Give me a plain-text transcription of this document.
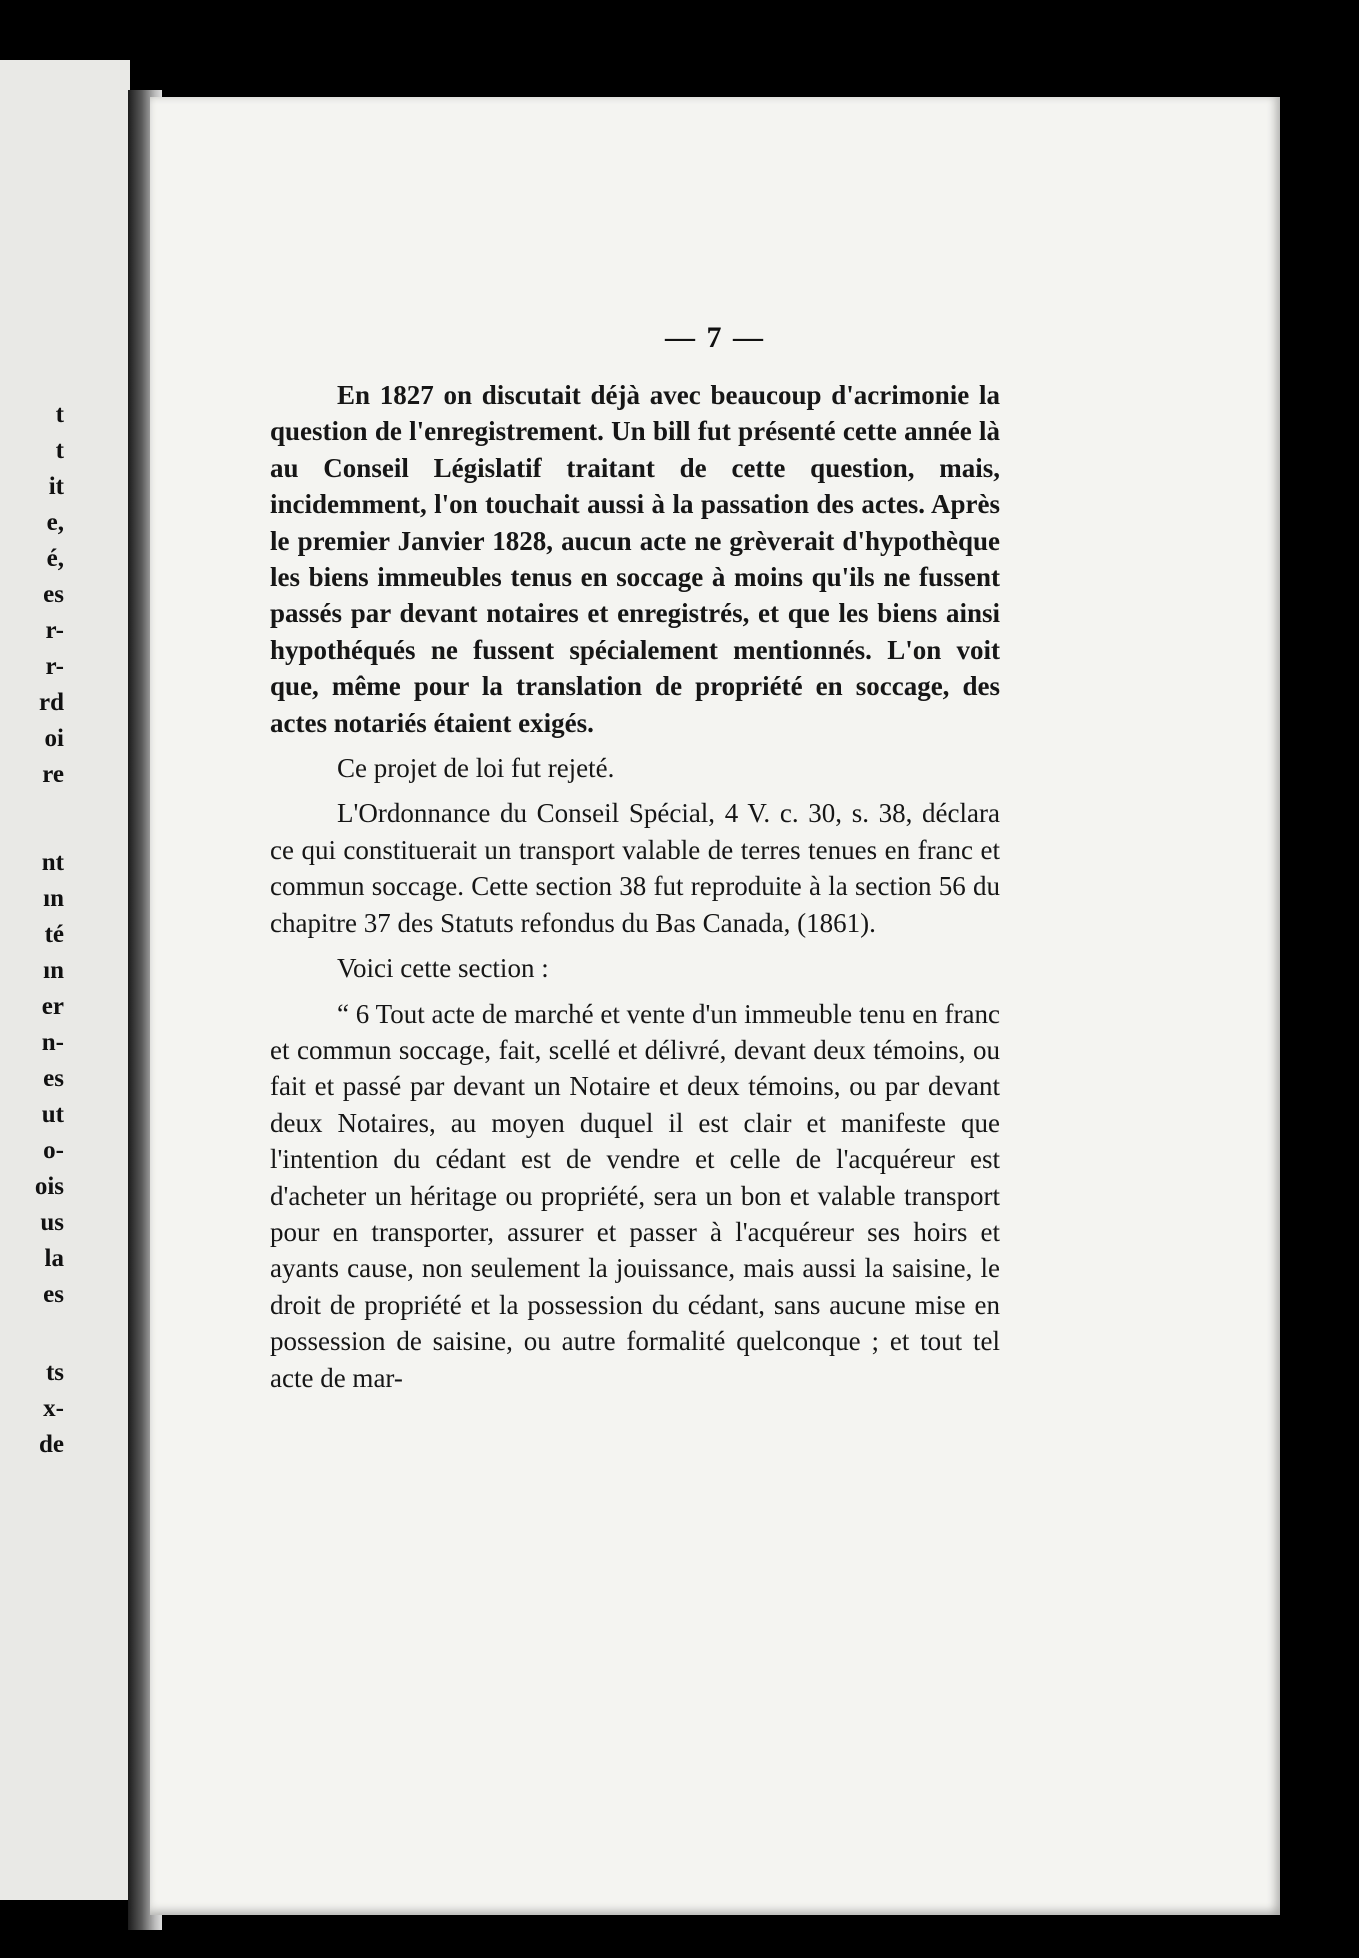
t
t
it
e,
é,
es
r-
r-
rd
oi
re
nt
ın
té
ın
er
n-
es
ut
o-
ois
us
la
es
ts
x-
de
— 7 —

En 1827 on discutait déjà avec beaucoup d'acrimonie la question de l'enregistrement. Un bill fut présenté cette année là au Conseil Législatif traitant de cette question, mais, incidemment, l'on touchait aussi à la passation des actes. Après le premier Janvier 1828, aucun acte ne grèverait d'hypothèque les biens immeubles tenus en soccage à moins qu'ils ne fussent passés par devant notaires et enregistrés, et que les biens ainsi hypothéqués ne fussent spécialement mentionnés. L'on voit que, même pour la translation de propriété en soccage, des actes notariés étaient exigés.

Ce projet de loi fut rejeté.

L'Ordonnance du Conseil Spécial, 4 V. c. 30, s. 38, déclara ce qui constituerait un transport valable de terres tenues en franc et commun soccage. Cette section 38 fut reproduite à la section 56 du chapitre 37 des Statuts refondus du Bas Canada, (1861).

Voici cette section :

“ 6 Tout acte de marché et vente d'un immeuble tenu en franc et commun soccage, fait, scellé et délivré, devant deux témoins, ou fait et passé par devant un Notaire et deux témoins, ou par devant deux Notaires, au moyen duquel il est clair et manifeste que l'intention du cédant est de vendre et celle de l'acquéreur est d'acheter un héritage ou propriété, sera un bon et valable transport pour en transporter, assurer et passer à l'acquéreur ses hoirs et ayants cause, non seulement la jouissance, mais aussi la saisine, le droit de propriété et la possession du cédant, sans aucune mise en possession de saisine, ou autre formalité quelconque ; et tout tel acte de mar-
